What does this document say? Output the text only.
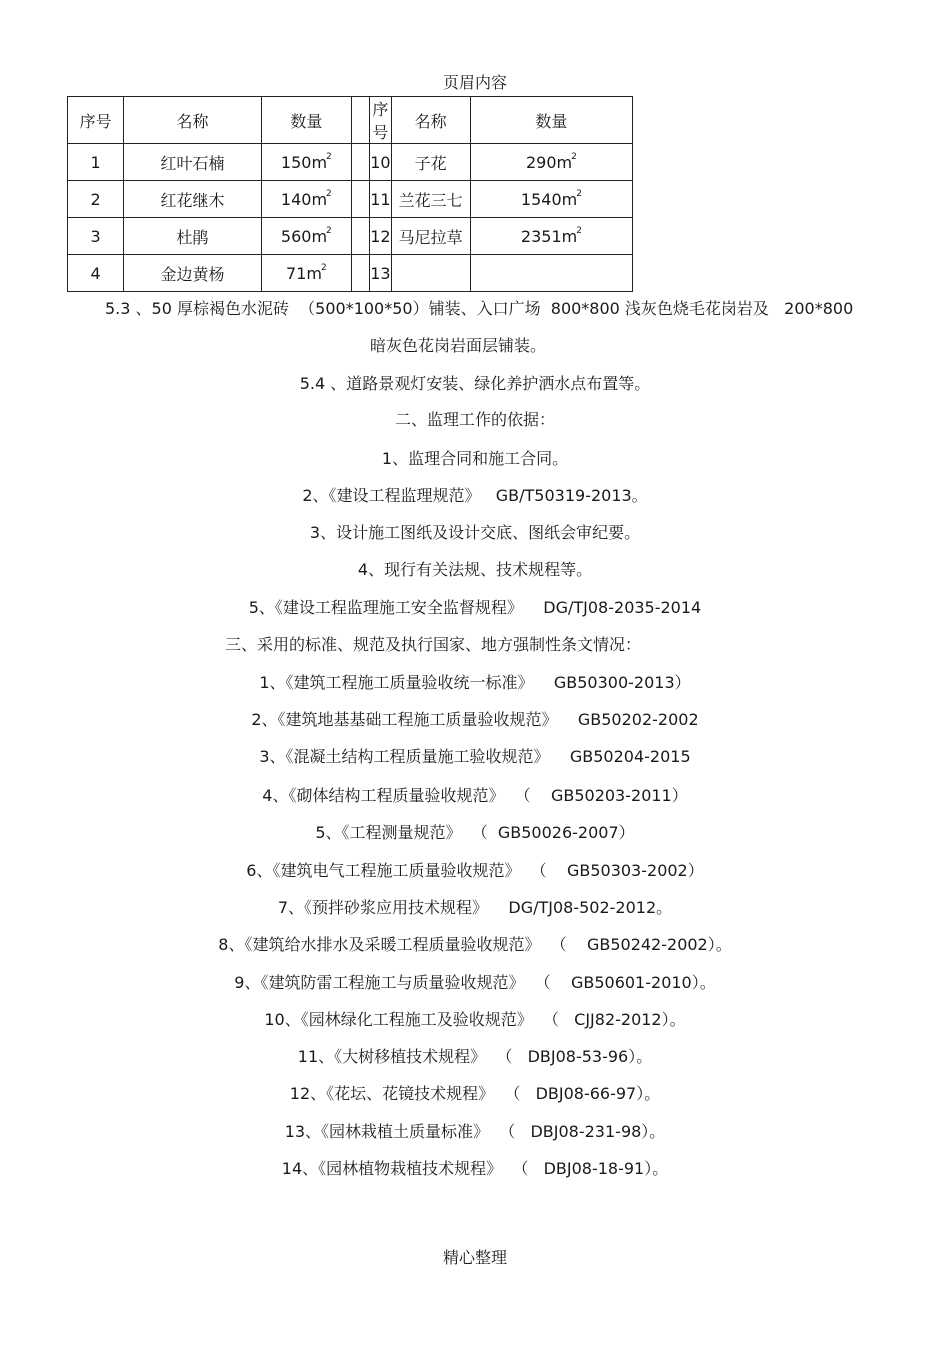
页眉内容
序号	名称	数量		序号	名称	数量
1	红叶石楠	$150m^2$		10	子花	$290m^2$
2	红花继木	$140m^2$		11	兰花三七	$1540m^2$
3	杜鹃	$560m^2$		12	马尼拉草	$2351m^2$
4	金边黄杨	$71m^2$		13		
5.3 、50 厚棕褐色水泥砖  （500*100*50）铺装、入口广场  800*800 浅灰色烧毛花岗岩及   200*800
暗灰色花岗岩面层铺装。
5.4 、道路景观灯安装、绿化养护洒水点布置等。
二、监理工作的依据：
1、监理合同和施工合同。
2、《建设工程监理规范》   GB/T50319-2013。
3、设计施工图纸及设计交底、图纸会审纪要。
4、现行有关法规、技术规程等。
5、《建设工程监理施工安全监督规程》    DG/TJ08-2035-2014
三、采用的标准、规范及执行国家、地方强制性条文情况：
1、《建筑工程施工质量验收统一标准》    GB50300-2013）
2、《建筑地基基础工程施工质量验收规范》    GB50202-2002
3、《混凝土结构工程质量施工验收规范》    GB50204-2015
4、《砌体结构工程质量验收规范》  （    GB50203-2011）
5、《工程测量规范》  （  GB50026-2007）
6、《建筑电气工程施工质量验收规范》  （    GB50303-2002）
7、《预拌砂浆应用技术规程》    DG/TJ08-502-2012。
8、《建筑给水排水及采暖工程质量验收规范》  （    GB50242-2002）。
9、《建筑防雷工程施工与质量验收规范》  （    GB50601-2010）。
10、《园林绿化工程施工及验收规范》  （   CJJ82-2012）。
11、《大树移植技术规程》  （   DBJ08-53-96）。
12、《花坛、花镜技术规程》  （   DBJ08-66-97）。
13、《园林栽植土质量标准》  （   DBJ08-231-98）。
14、《园林植物栽植技术规程》  （   DBJ08-18-91）。
精心整理
